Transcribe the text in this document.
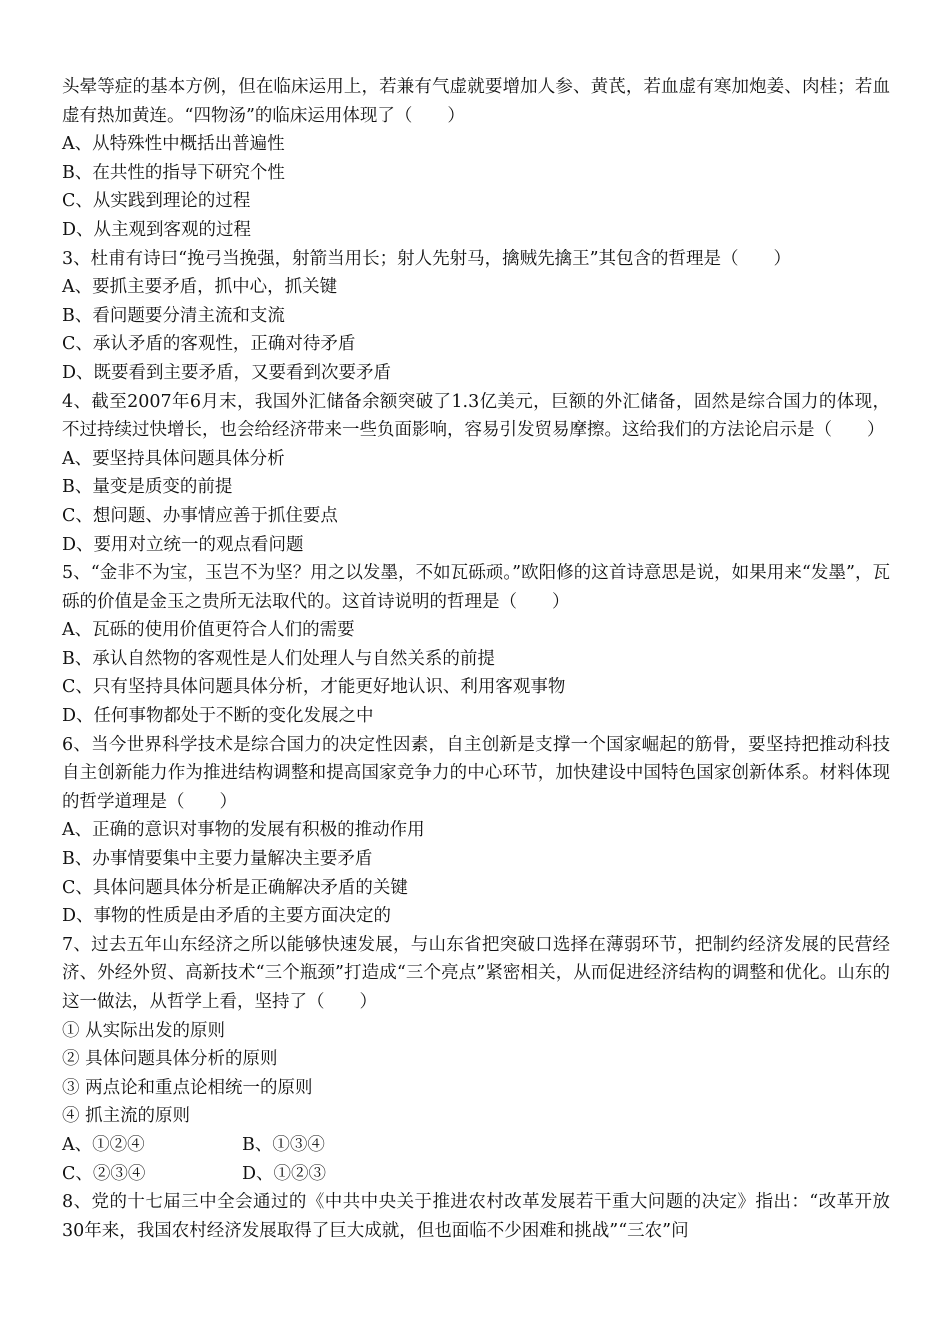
头晕等症的基本方例，但在临床运用上，若兼有气虚就要增加人参、黄芪，若血虚有寒加炮姜、肉桂；若血虚有热加黄连。“四物汤”的临床运用体现了（　　）

A、从特殊性中概括出普遍性

B、在共性的指导下研究个性

C、从实践到理论的过程

D、从主观到客观的过程

3、杜甫有诗曰“挽弓当挽强，射箭当用长；射人先射马，擒贼先擒王”其包含的哲理是（　　）

A、要抓主要矛盾，抓中心，抓关键

B、看问题要分清主流和支流

C、承认矛盾的客观性，正确对待矛盾

D、既要看到主要矛盾，又要看到次要矛盾

4、截至2007年6月末，我国外汇储备余额突破了1.3亿美元，巨额的外汇储备，固然是综合国力的体现，不过持续过快增长，也会给经济带来一些负面影响，容易引发贸易摩擦。这给我们的方法论启示是（　　）

A、要坚持具体问题具体分析

B、量变是质变的前提

C、想问题、办事情应善于抓住要点

D、要用对立统一的观点看问题

5、“金非不为宝，玉岂不为坚？用之以发墨，不如瓦砾顽。”欧阳修的这首诗意思是说，如果用来“发墨”，瓦砾的价值是金玉之贵所无法取代的。这首诗说明的哲理是（　　）

A、瓦砾的使用价值更符合人们的需要

B、承认自然物的客观性是人们处理人与自然关系的前提

C、只有坚持具体问题具体分析，才能更好地认识、利用客观事物

D、任何事物都处于不断的变化发展之中

6、当今世界科学技术是综合国力的决定性因素，自主创新是支撑一个国家崛起的筋骨，要坚持把推动科技自主创新能力作为推进结构调整和提高国家竞争力的中心环节，加快建设中国特色国家创新体系。材料体现的哲学道理是（　　）

A、正确的意识对事物的发展有积极的推动作用

B、办事情要集中主要力量解决主要矛盾

C、具体问题具体分析是正确解决矛盾的关键

D、事物的性质是由矛盾的主要方面决定的

7、过去五年山东经济之所以能够快速发展，与山东省把突破口选择在薄弱环节，把制约经济发展的民营经济、外经外贸、高新技术“三个瓶颈”打造成“三个亮点”紧密相关，从而促进经济结构的调整和优化。山东的这一做法，从哲学上看，坚持了（　　）

① 从实际出发的原则

② 具体问题具体分析的原则

③ 两点论和重点论相统一的原则

④ 抓主流的原则

A、①②④	B、①③④
C、②③④	D、①②③

8、党的十七届三中全会通过的《中共中央关于推进农村改革发展若干重大问题的决定》指出：“改革开放30年来，我国农村经济发展取得了巨大成就，但也面临不少困难和挑战”“三农”问
